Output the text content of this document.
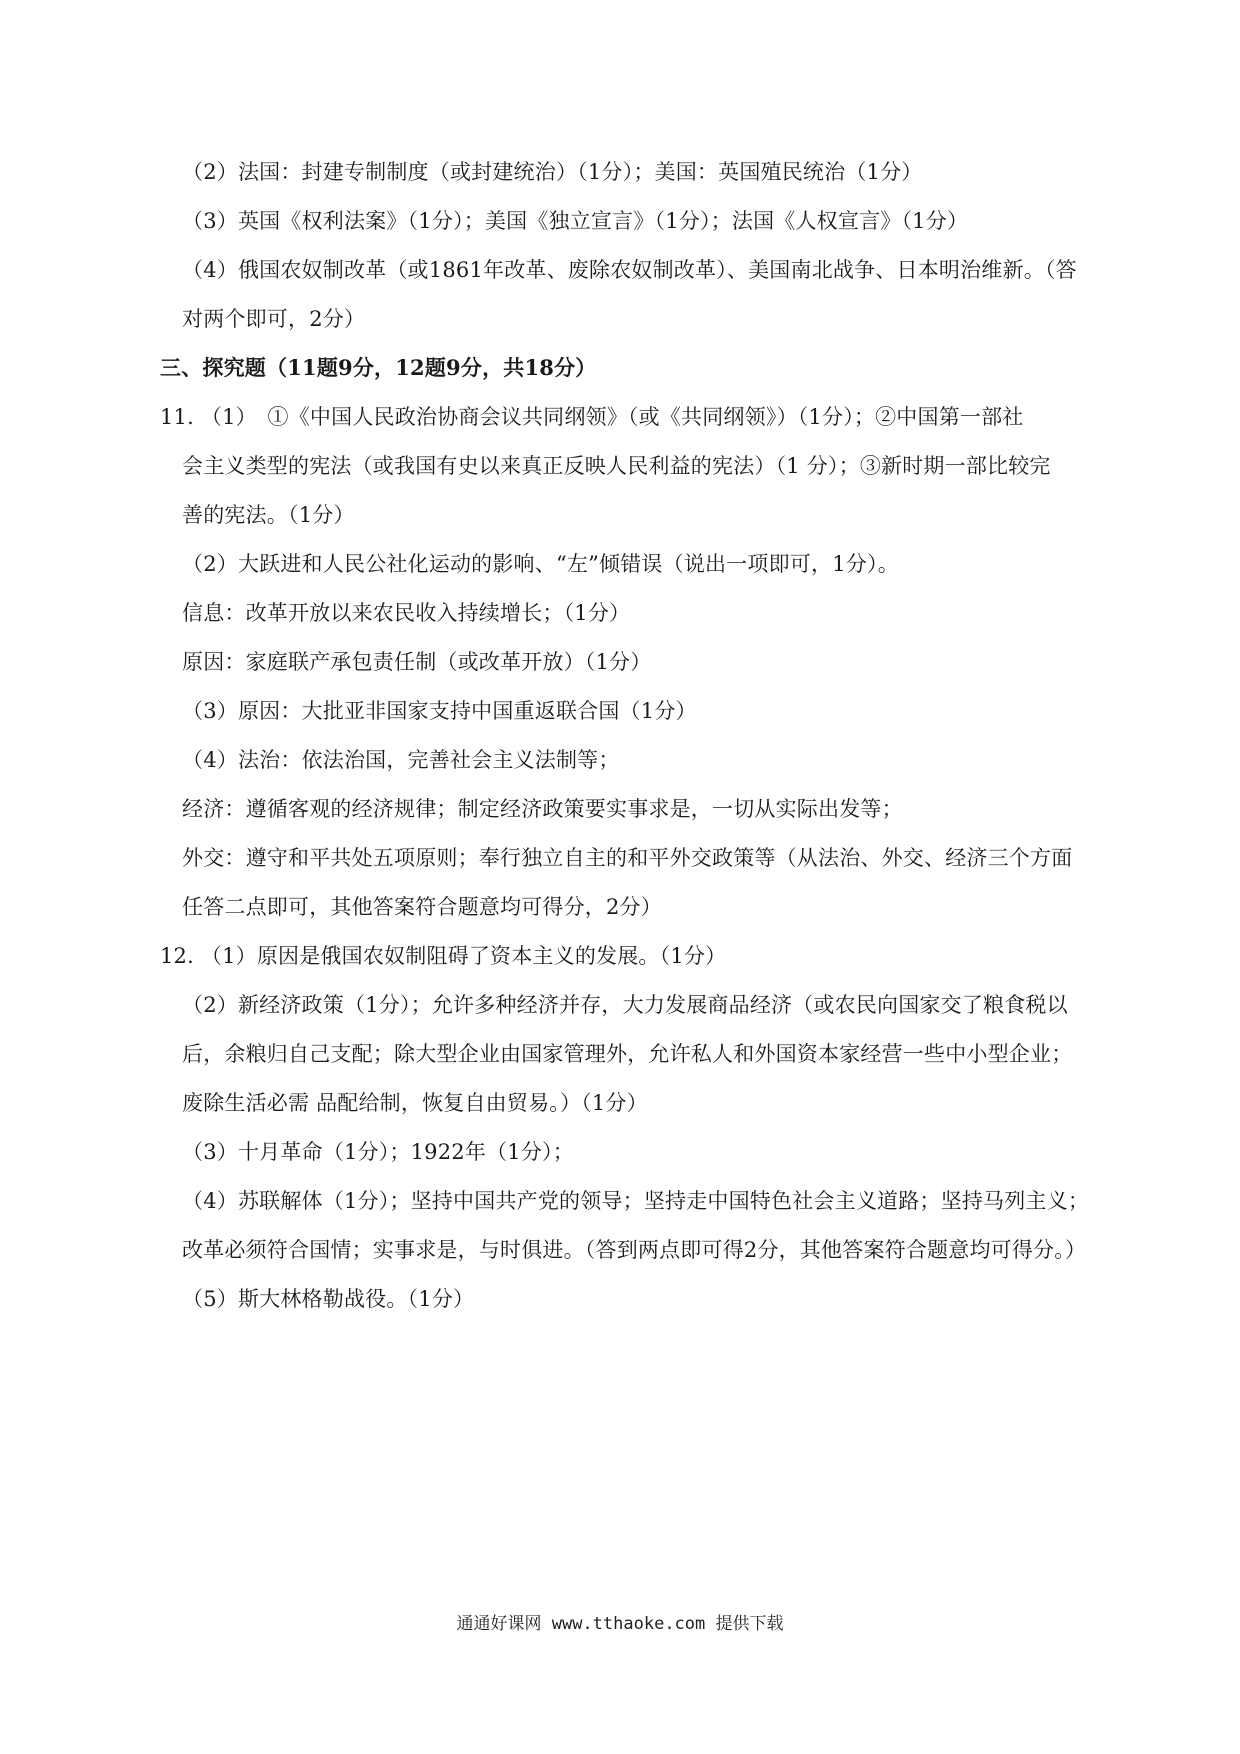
（2）法国：封建专制制度（或封建统治）（1分）；美国：英国殖民统治（1分）
（3）英国《权利法案》（1分）；美国《独立宣言》（1分）；法国《人权宣言》（1分）
（4）俄国农奴制改革（或1861年改革、废除农奴制改革）、美国南北战争、日本明治维新。（答
对两个即可，2分）
三、探究题（11题9分，12题9分，共18分）
11. （1）　①《中国人民政治协商会议共同纲领》（或《共同纲领》）（1分）；②中国第一部社
会主义类型的宪法（或我国有史以来真正反映人民利益的宪法）（1 分）；③新时期一部比较完
善的宪法。（1分）
（2）大跃进和人民公社化运动的影响、“左”倾错误（说出一项即可，1分）。
信息：改革开放以来农民收入持续增长；（1分）
原因：家庭联产承包责任制（或改革开放）（1分）
（3）原因：大批亚非国家支持中国重返联合国（1分）
（4）法治：依法治国，完善社会主义法制等；
经济：遵循客观的经济规律；制定经济政策要实事求是，一切从实际出发等；
外交：遵守和平共处五项原则；奉行独立自主的和平外交政策等（从法治、外交、经济三个方面
任答二点即可，其他答案符合题意均可得分，2分）
12. （1）原因是俄国农奴制阻碍了资本主义的发展。（1分）
（2）新经济政策（1分）；允许多种经济并存，大力发展商品经济（或农民向国家交了粮食税以
后，余粮归自己支配；除大型企业由国家管理外，允许私人和外国资本家经营一些中小型企业；
废除生活必需 品配给制，恢复自由贸易。）（1分）
（3）十月革命（1分）；1922年（1分）；
（4）苏联解体（1分）；坚持中国共产党的领导；坚持走中国特色社会主义道路；坚持马列主义；
改革必须符合国情；实事求是，与时俱进。（答到两点即可得2分，其他答案符合题意均可得分。）
（5）斯大林格勒战役。（1分）
通通好课网 www.tthaoke.com 提供下载
